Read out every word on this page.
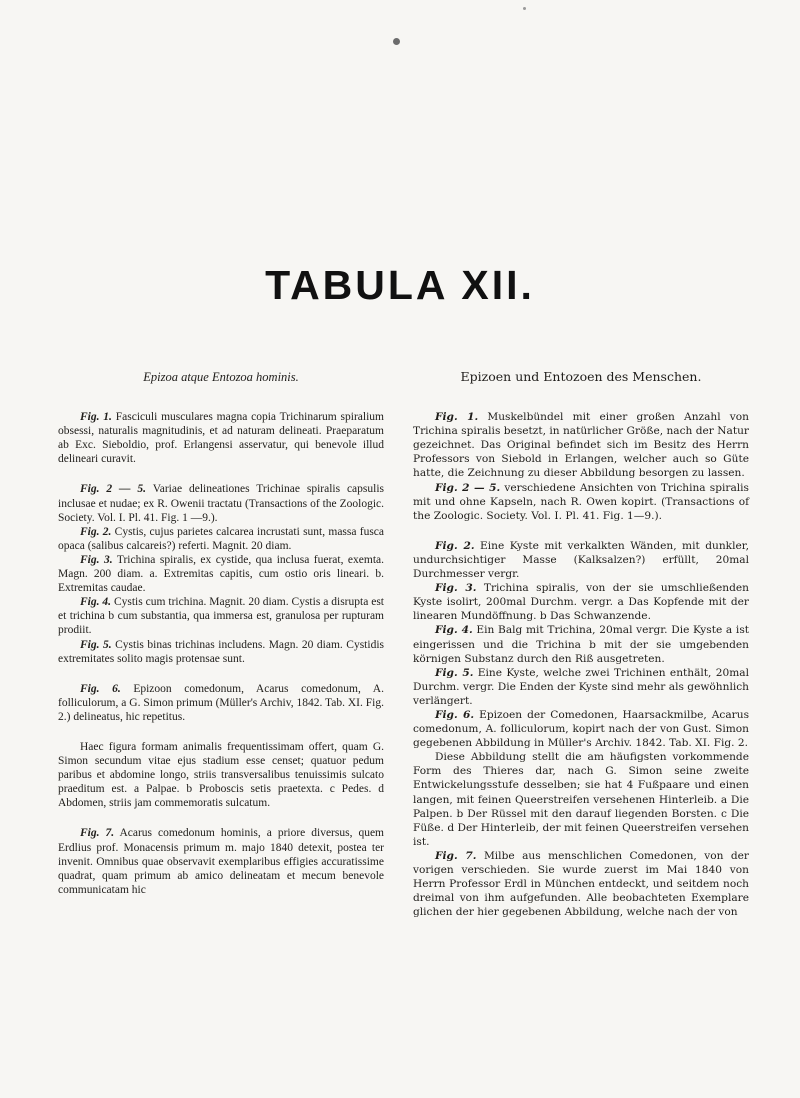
TABULA XII.
Epizoa atque Entozoa hominis.

Fig. 1. Fasciculi musculares magna copia Trichinarum spiralium obsessi, naturalis magnitudinis, et ad naturam delineati. Praeparatum ab Exc. Sieboldio, prof. Erlangensi asservatur, qui benevole illud delineari curavit.

Fig. 2 — 5. Variae delineationes Trichinae spiralis capsulis inclusae et nudae; ex R. Owenii tractatu (Transactions of the Zoologic. Society. Vol. I. Pl. 41. Fig. 1 —9.).

Fig. 2. Cystis, cujus parietes calcarea incrustati sunt, massa fusca opaca (salibus calcareis?) referti. Magnit. 20 diam.

Fig. 3. Trichina spiralis, ex cystide, qua inclusa fuerat, exemta. Magn. 200 diam. a. Extremitas capitis, cum ostio oris lineari. b. Extremitas caudae.

Fig. 4. Cystis cum trichina. Magnit. 20 diam. Cystis a disrupta est et trichina b cum substantia, qua immersa est, granulosa per rupturam prodiit.

Fig. 5. Cystis binas trichinas includens. Magn. 20 diam. Cystidis extremitates solito magis protensae sunt.

Fig. 6. Epizoon comedonum, Acarus comedonum, A. folliculorum, a G. Simon primum (Müller's Archiv, 1842. Tab. XI. Fig. 2.) delineatus, hic repetitus.

Haec figura formam animalis frequentissimam offert, quam G. Simon secundum vitae ejus stadium esse censet; quatuor pedum paribus et abdomine longo, striis transversalibus tenuissimis sulcato praeditum est. a Palpae. b Proboscis setis praetexta. c Pedes. d Abdomen, striis jam commemoratis sulcatum.

Fig. 7. Acarus comedonum hominis, a priore diversus, quem Erdlius prof. Monacensis primum m. majo 1840 detexit, postea ter invenit. Omnibus quae observavit exemplaribus effigies accuratissime quadrat, quam primum ab amico delineatam et mecum benevole communicatam hic

Epizoen und Entozoen des Menschen.

Fig. 1. Muskelbündel mit einer großen Anzahl von Trichina spiralis besetzt, in natürlicher Größe, nach der Natur gezeichnet. Das Original befindet sich im Besitz des Herrn Professors von Siebold in Erlangen, welcher auch so Güte hatte, die Zeichnung zu dieser Abbildung besorgen zu lassen.

Fig. 2 — 5. verschiedene Ansichten von Trichina spiralis mit und ohne Kapseln, nach R. Owen kopirt. (Transactions of the Zoologic. Society. Vol. I. Pl. 41. Fig. 1—9.).

Fig. 2. Eine Kyste mit verkalkten Wänden, mit dunkler, undurchsichtiger Masse (Kalksalzen?) erfüllt, 20mal Durchmesser vergr.

Fig. 3. Trichina spiralis, von der sie umschließenden Kyste isolirt, 200mal Durchm. vergr. a Das Kopfende mit der linearen Mundöffnung. b Das Schwanzende.

Fig. 4. Ein Balg mit Trichina, 20mal vergr. Die Kyste a ist eingerissen und die Trichina b mit der sie umgebenden körnigen Substanz durch den Riß ausgetreten.

Fig. 5. Eine Kyste, welche zwei Trichinen enthält, 20mal Durchm. vergr. Die Enden der Kyste sind mehr als gewöhnlich verlängert.

Fig. 6. Epizoen der Comedonen, Haarsackmilbe, Acarus comedonum, A. folliculorum, kopirt nach der von Gust. Simon gegebenen Abbildung in Müller's Archiv. 1842. Tab. XI. Fig. 2.

Diese Abbildung stellt die am häufigsten vorkommende Form des Thieres dar, nach G. Simon seine zweite Entwickelungsstufe desselben; sie hat 4 Fußpaare und einen langen, mit feinen Queerstreifen versehenen Hinterleib. a Die Palpen. b Der Rüssel mit den darauf liegenden Borsten. c Die Füße. d Der Hinterleib, der mit feinen Queerstreifen versehen ist.

Fig. 7. Milbe aus menschlichen Comedonen, von der vorigen verschieden. Sie wurde zuerst im Mai 1840 von Herrn Professor Erdl in München entdeckt, und seitdem noch dreimal von ihm aufgefunden. Alle beobachteten Exemplare glichen der hier gegebenen Abbildung, welche nach der von
